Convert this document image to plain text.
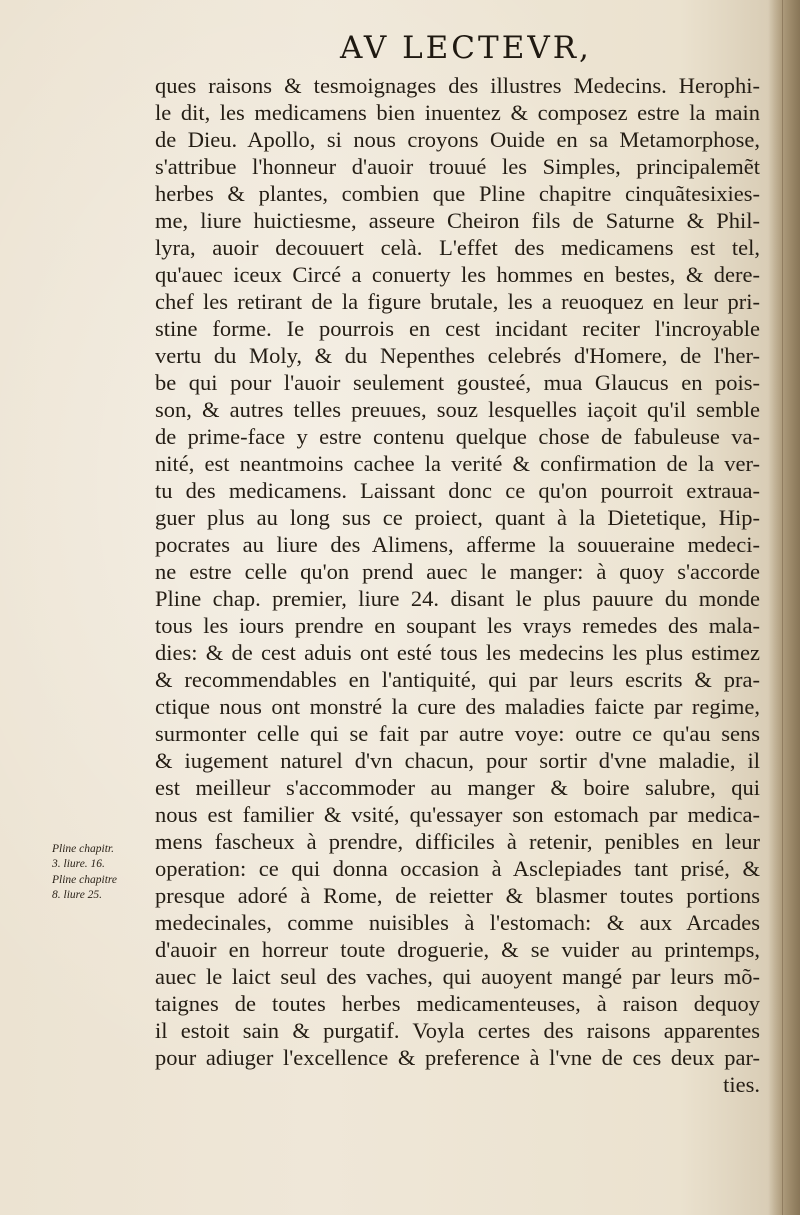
AV LECTEVR,
Pline chapitr.
3. liure. 16.
Pline chapitre
8. liure 25.
ques raisons & tesmoignages des illustres Medecins. Herophi-
le dit, les medicamens bien inuentez & composez estre la main
de Dieu. Apollo, si nous croyons Ouide en sa Metamorphose,
s'attribue l'honneur d'auoir trouué les Simples, principalemẽt
herbes & plantes, combien que Pline chapitre cinquãtesixies-
me, liure huictiesme, asseure Cheiron fils de Saturne & Phil-
lyra, auoir decouuert celà. L'effet des medicamens est tel,
qu'auec iceux Circé a conuerty les hommes en bestes, & dere-
chef les retirant de la figure brutale, les a reuoquez en leur pri-
stine forme. Ie pourrois en cest incidant reciter l'incroyable
vertu du Moly, & du Nepenthes celebrés d'Homere, de l'her-
be qui pour l'auoir seulement gousteé, mua Glaucus en pois-
son, & autres telles preuues, souz lesquelles iaçoit qu'il semble
de prime-face y estre contenu quelque chose de fabuleuse va-
nité, est neantmoins cachee la verité & confirmation de la ver-
tu des medicamens. Laissant donc ce qu'on pourroit extraua-
guer plus au long sus ce proiect, quant à la Dietetique, Hip-
pocrates au liure des Alimens, afferme la souueraine medeci-
ne estre celle qu'on prend auec le manger: à quoy s'accorde
Pline chap. premier, liure 24. disant le plus pauure du monde
tous les iours prendre en soupant les vrays remedes des mala-
dies: & de cest aduis ont esté tous les medecins les plus estimez
& recommendables en l'antiquité, qui par leurs escrits & pra-
ctique nous ont monstré la cure des maladies faicte par regime,
surmonter celle qui se fait par autre voye: outre ce qu'au sens
& iugement naturel d'vn chacun, pour sortir d'vne maladie, il
est meilleur s'accommoder au manger & boire salubre, qui
nous est familier & vsité, qu'essayer son estomach par medica-
mens fascheux à prendre, difficiles à retenir, penibles en leur
operation: ce qui donna occasion à Asclepiades tant prisé, &
presque adoré à Rome, de reietter & blasmer toutes portions
medecinales, comme nuisibles à l'estomach: & aux Arcades
d'auoir en horreur toute droguerie, & se vuider au printemps,
auec le laict seul des vaches, qui auoyent mangé par leurs mõ-
taignes de toutes herbes medicamenteuses, à raison dequoy
il estoit sain & purgatif. Voyla certes des raisons apparentes
pour adiuger l'excellence & preference à l'vne de ces deux par-
ties.
